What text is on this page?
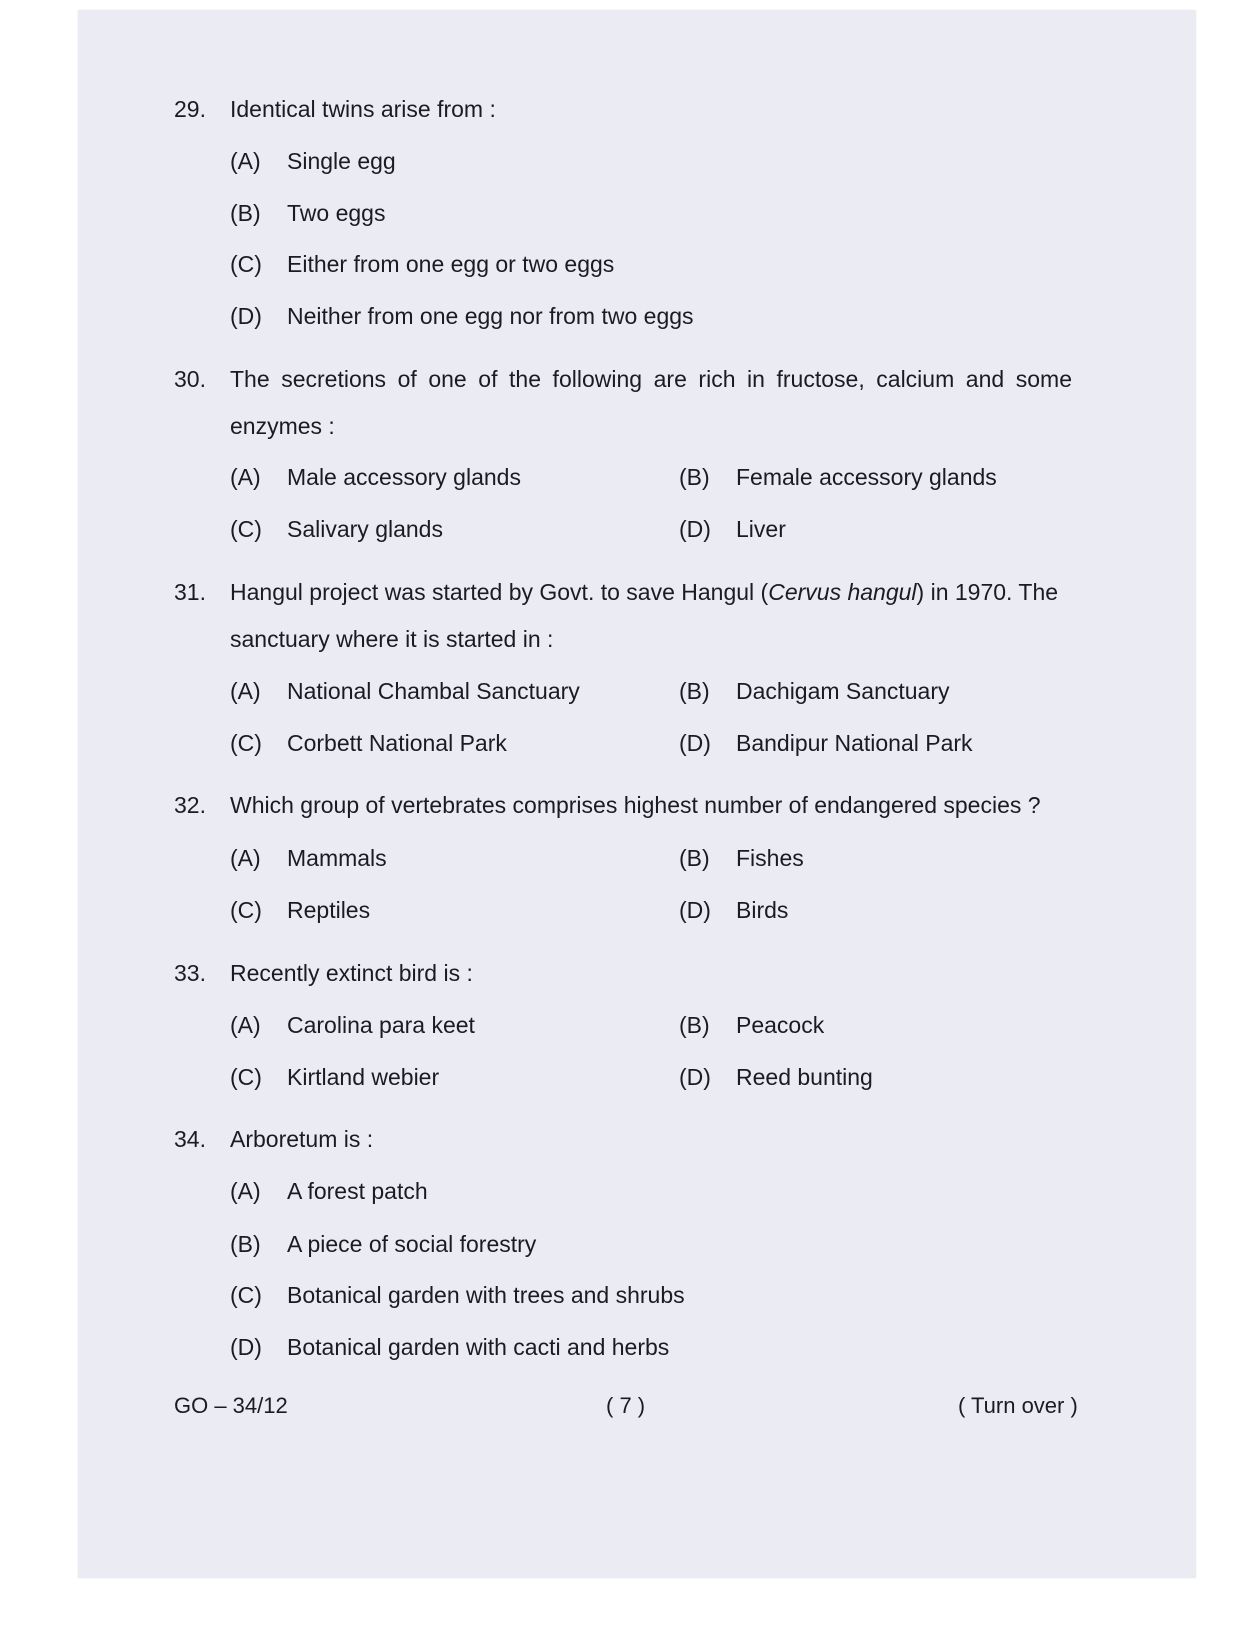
29. Identical twins arise from :
(A) Single egg
(B) Two eggs
(C) Either from one egg or two eggs
(D) Neither from one egg nor from two eggs
30. The secretions of one of the following are rich in fructose, calcium and some
enzymes :
(A) Male accessory glands	(B) Female accessory glands
(C) Salivary glands	(D) Liver
31. Hangul project was started by Govt. to save Hangul (Cervus hangul) in 1970. The
sanctuary where it is started in :
(A) National Chambal Sanctuary	(B) Dachigam Sanctuary
(C) Corbett National Park	(D) Bandipur National Park
32. Which group of vertebrates comprises highest number of endangered species ?
(A) Mammals	(B) Fishes
(C) Reptiles	(D) Birds
33. Recently extinct bird is :
(A) Carolina para keet	(B) Peacock
(C) Kirtland webier	(D) Reed bunting
34. Arboretum is :
(A) A forest patch
(B) A piece of social forestry
(C) Botanical garden with trees and shrubs
(D) Botanical garden with cacti and herbs
GO – 34/12	( 7 )	( Turn over )
